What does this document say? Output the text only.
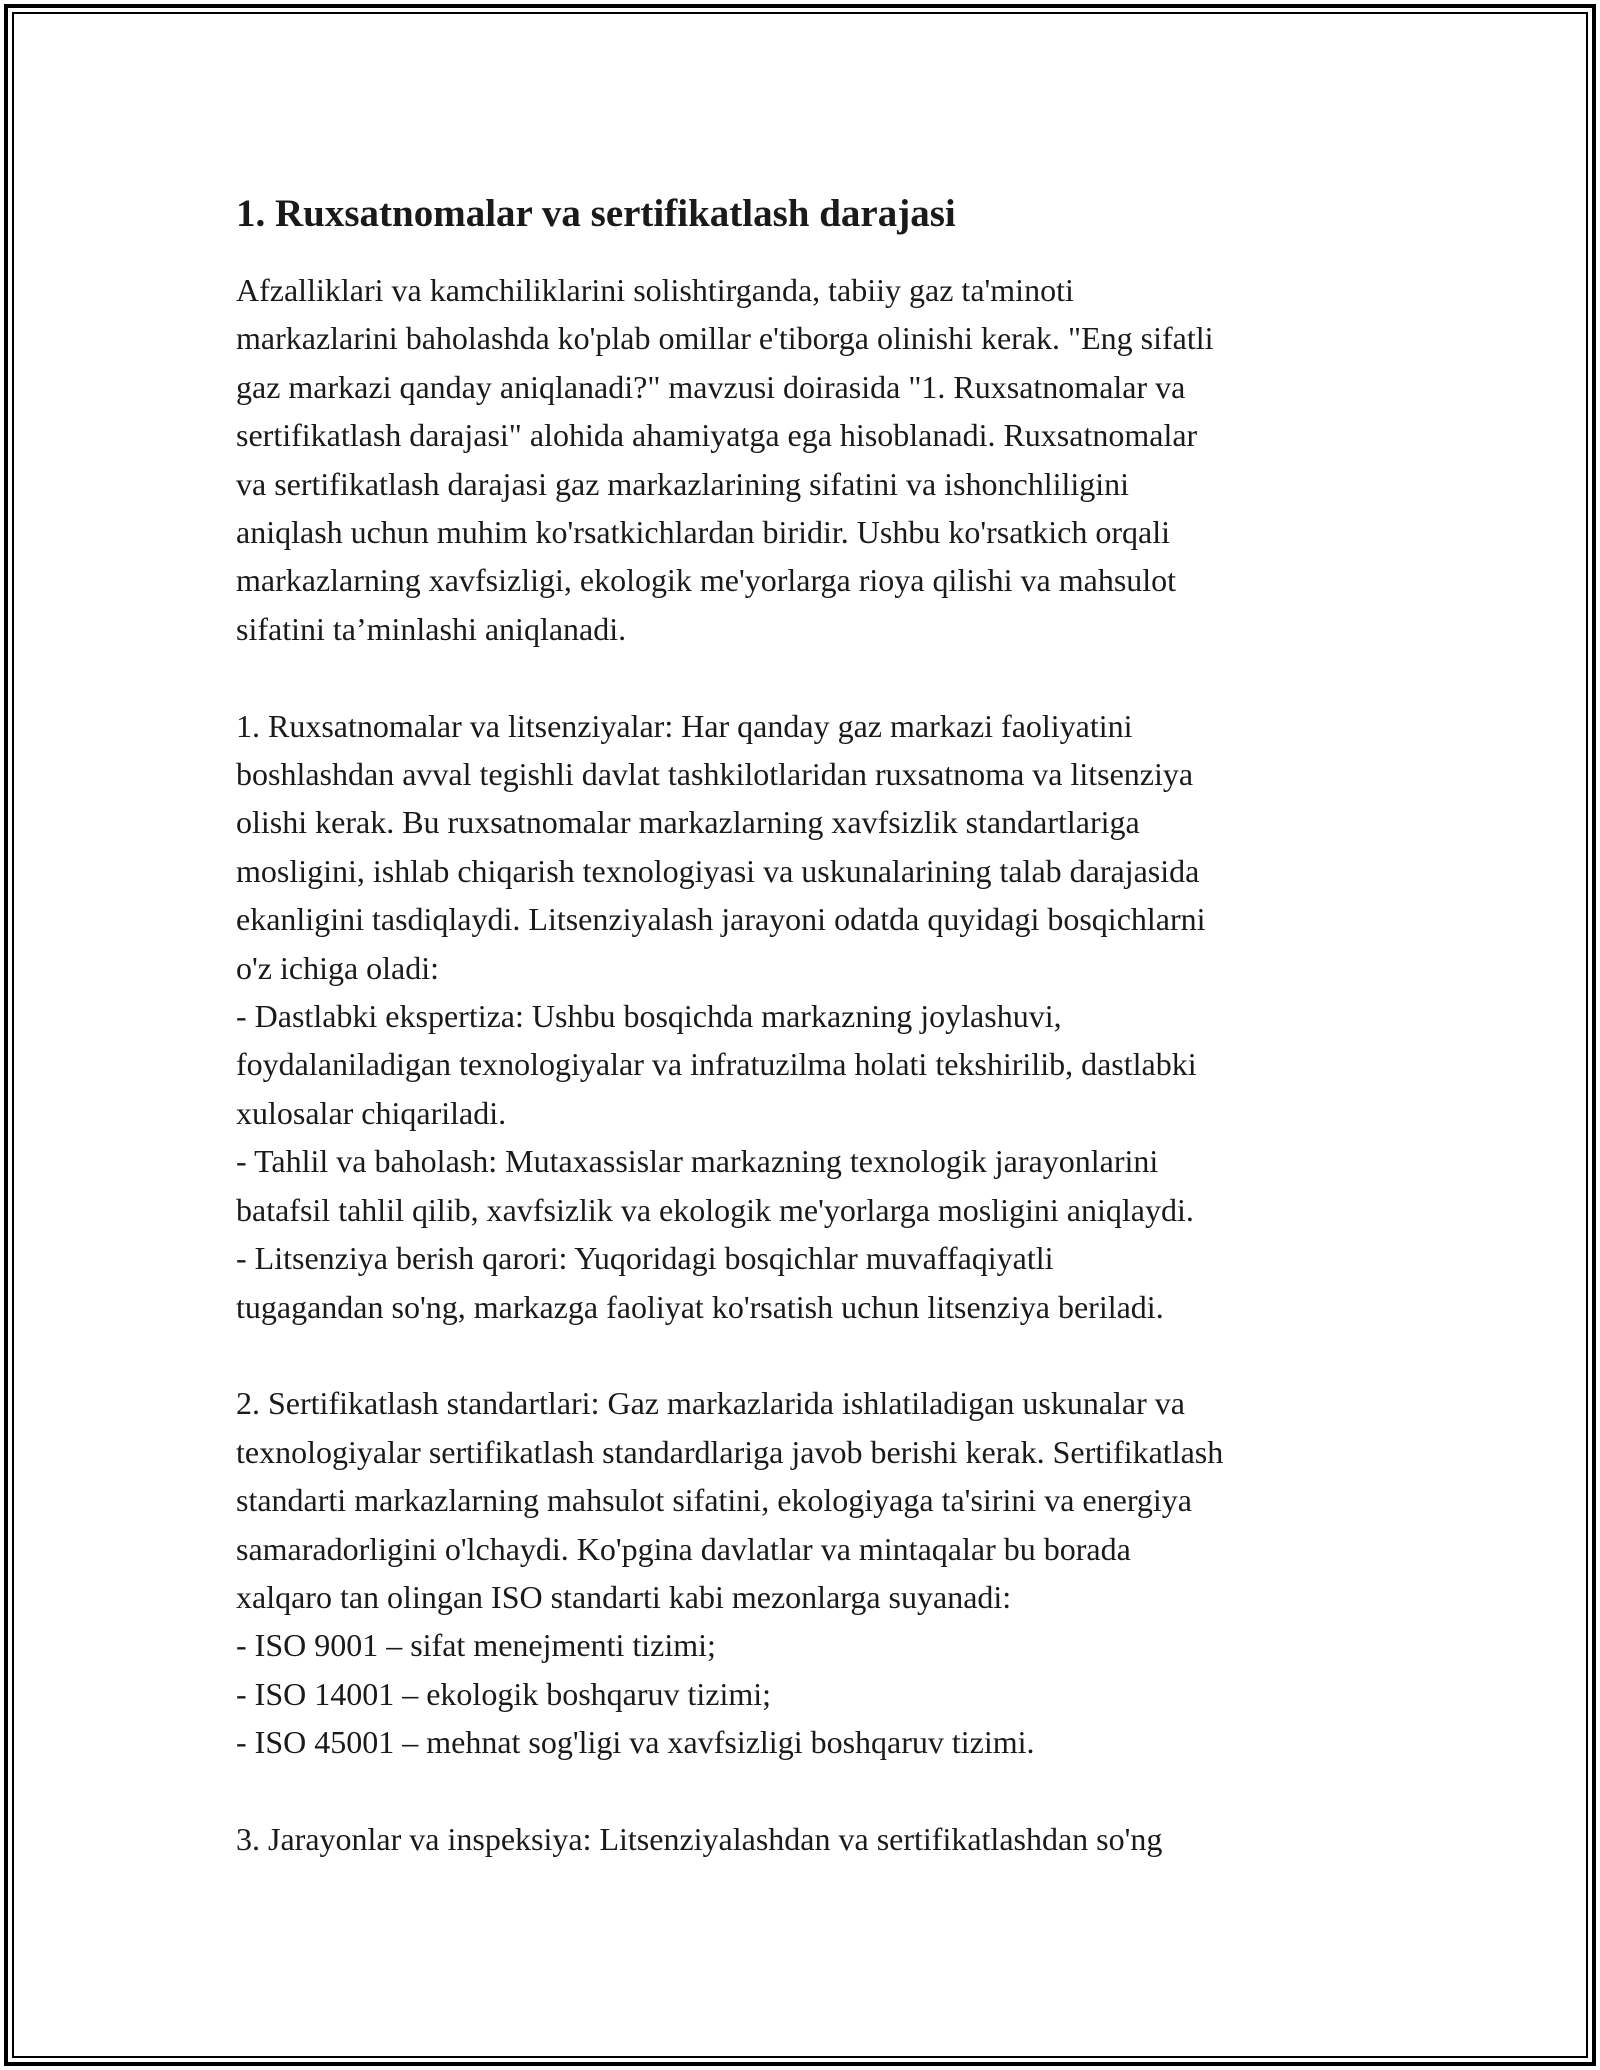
1. Ruxsatnomalar va sertifikatlash darajasi

Afzalliklari va kamchiliklarini solishtirganda, tabiiy gaz ta'minoti
markazlarini baholashda ko'plab omillar e'tiborga olinishi kerak. "Eng sifatli
gaz markazi qanday aniqlanadi?" mavzusi doirasida "1. Ruxsatnomalar va
sertifikatlash darajasi" alohida ahamiyatga ega hisoblanadi. Ruxsatnomalar
va sertifikatlash darajasi gaz markazlarining sifatini va ishonchliligini
aniqlash uchun muhim ko'rsatkichlardan biridir. Ushbu ko'rsatkich orqali
markazlarning xavfsizligi, ekologik me'yorlarga rioya qilishi va mahsulot
sifatini ta’minlashi aniqlanadi.

1. Ruxsatnomalar va litsenziyalar: Har qanday gaz markazi faoliyatini
boshlashdan avval tegishli davlat tashkilotlaridan ruxsatnoma va litsenziya
olishi kerak. Bu ruxsatnomalar markazlarning xavfsizlik standartlariga
mosligini, ishlab chiqarish texnologiyasi va uskunalarining talab darajasida
ekanligini tasdiqlaydi. Litsenziyalash jarayoni odatda quyidagi bosqichlarni
o'z ichiga oladi:
- Dastlabki ekspertiza: Ushbu bosqichda markazning joylashuvi,
foydalaniladigan texnologiyalar va infratuzilma holati tekshirilib, dastlabki
xulosalar chiqariladi.
- Tahlil va baholash: Mutaxassislar markazning texnologik jarayonlarini
batafsil tahlil qilib, xavfsizlik va ekologik me'yorlarga mosligini aniqlaydi.
- Litsenziya berish qarori: Yuqoridagi bosqichlar muvaffaqiyatli
tugagandan so'ng, markazga faoliyat ko'rsatish uchun litsenziya beriladi.

2. Sertifikatlash standartlari: Gaz markazlarida ishlatiladigan uskunalar va
texnologiyalar sertifikatlash standardlariga javob berishi kerak. Sertifikatlash
standarti markazlarning mahsulot sifatini, ekologiyaga ta'sirini va energiya
samaradorligini o'lchaydi. Ko'pgina davlatlar va mintaqalar bu borada
xalqaro tan olingan ISO standarti kabi mezonlarga suyanadi:
- ISO 9001 – sifat menejmenti tizimi;
- ISO 14001 – ekologik boshqaruv tizimi;
- ISO 45001 – mehnat sog'ligi va xavfsizligi boshqaruv tizimi.

3. Jarayonlar va inspeksiya: Litsenziyalashdan va sertifikatlashdan so'ng
